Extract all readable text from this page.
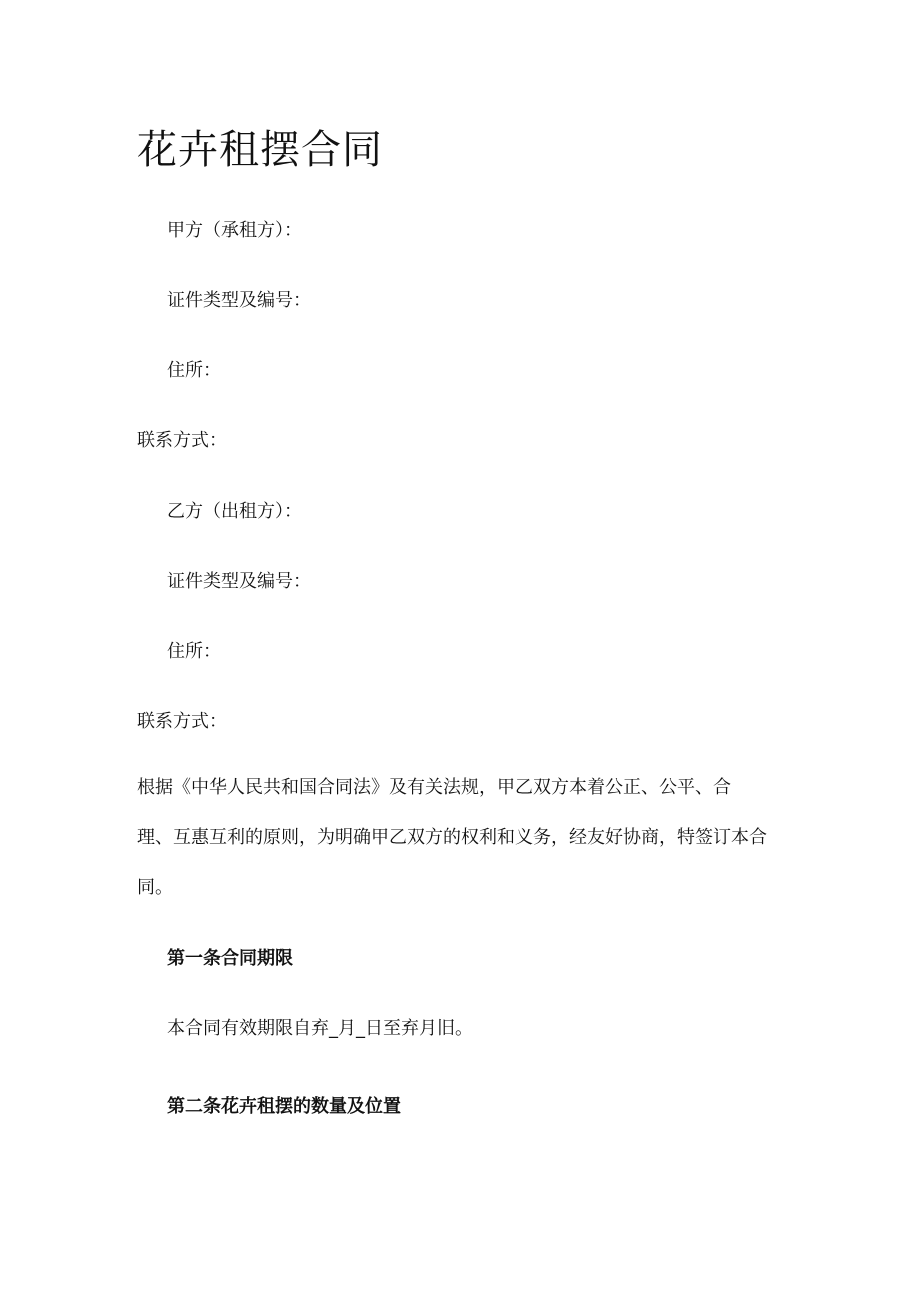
花卉租摆合同
甲方（承租方）：
证件类型及编号：
住所：
联系方式：
乙方（出租方）：
证件类型及编号：
住所：
联系方式：
根据《中华人民共和国合同法》及有关法规，甲乙双方本着公正、公平、合
理、互惠互利的原则，为明确甲乙双方的权利和义务，经友好协商，特签订本合
同。
第一条合同期限
本合同有效期限自弃_月_日至弃月旧。
第二条花卉租摆的数量及位置
